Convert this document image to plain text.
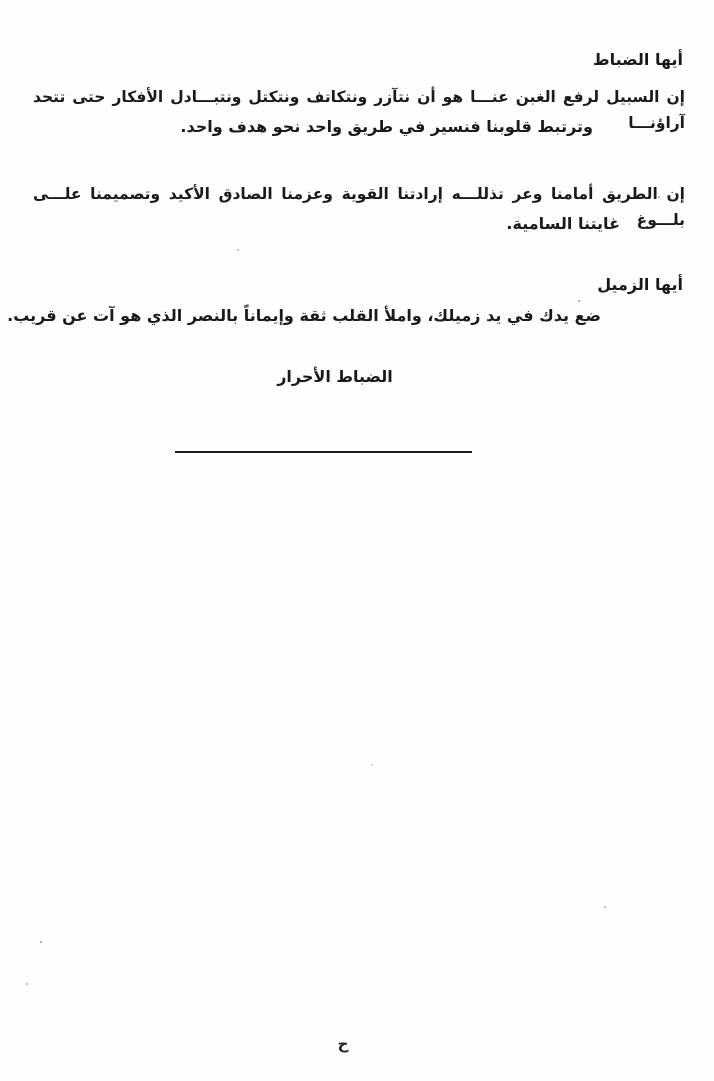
أيها الضباط
إن السبيل لرفع الغبن عنـــا هو أن نتآزر ونتكاتف ونتكتل ونتبـــادل الأفكار حتى تتحد آراؤنـــا
وترتبط قلوبنا فنسير في طريق واحد نحو هدف واحد.
إن الطريق أمامنا وعر تذللـــه إرادتنا القوية وعزمنا الصادق الأكيد وتصميمنا علـــى بلـــوغ
غايتنا السامية.
أيها الزميل
ضع يدك في يد زميلك، واملأ القلب ثقة وإيماناً بالنصر الذي هو آت عن قريب.
الضباط الأحرار
ح
